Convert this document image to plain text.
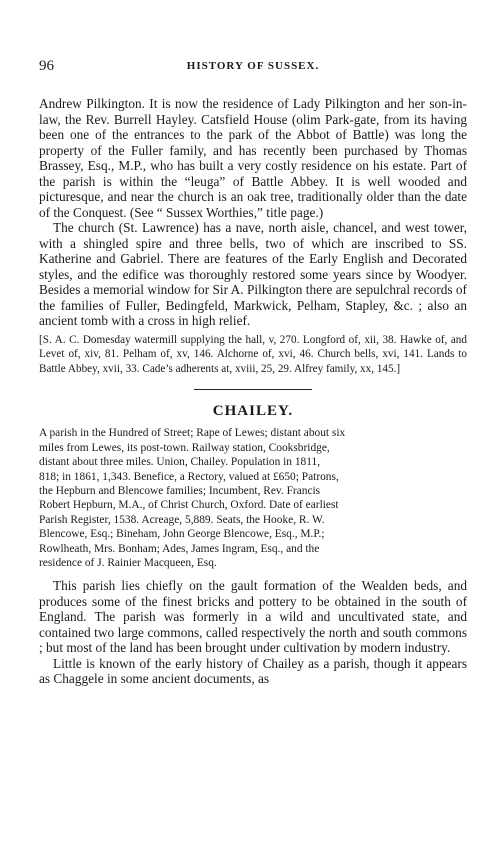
96	HISTORY OF SUSSEX.

Andrew Pilkington. It is now the residence of Lady Pilkington and her son-in-law, the Rev. Burrell Hayley. Catsfield House (olim Park-gate, from its having been one of the entrances to the park of the Abbot of Battle) was long the property of the Fuller family, and has recently been purchased by Thomas Brassey, Esq., M.P., who has built a very costly residence on his estate. Part of the parish is within the “leuga” of Battle Abbey. It is well wooded and picturesque, and near the church is an oak tree, traditionally older than the date of the Conquest. (See “ Sussex Worthies,” title page.)

The church (St. Lawrence) has a nave, north aisle, chancel, and west tower, with a shingled spire and three bells, two of which are inscribed to SS. Katherine and Gabriel. There are features of the Early English and Decorated styles, and the edifice was thoroughly restored some years since by Woodyer. Besides a memorial window for Sir A. Pilkington there are sepulchral records of the families of Fuller, Bedingfeld, Markwick, Pelham, Stapley, &c. ; also an ancient tomb with a cross in high relief.

[S. A. C. Domesday watermill supplying the hall, v, 270. Longford of, xii, 38. Hawke of, and Levet of, xiv, 81. Pelham of, xv, 146. Alchorne of, xvi, 46. Church bells, xvi, 141. Lands to Battle Abbey, xvii, 33. Cade’s adherents at, xviii, 25, 29. Alfrey family, xx, 145.]

CHAILEY.
A parish in the Hundred of Street; Rape of Lewes; distant about six
miles from Lewes, its post-town. Railway station, Cooksbridge,
distant about three miles. Union, Chailey. Population in 1811,
818; in 1861, 1,343. Benefice, a Rectory, valued at £650; Patrons,
the Hepburn and Blencowe families; Incumbent, Rev. Francis
Robert Hepburn, M.A., of Christ Church, Oxford. Date of earliest
Parish Register, 1538. Acreage, 5,889. Seats, the Hooke, R. W.
Blencowe, Esq.; Bineham, John George Blencowe, Esq., M.P.;
Rowlheath, Mrs. Bonham; Ades, James Ingram, Esq., and the
residence of J. Rainier Macqueen, Esq.

This parish lies chiefly on the gault formation of the Wealden beds, and produces some of the finest bricks and pottery to be obtained in the south of England. The parish was formerly in a wild and uncultivated state, and contained two large commons, called respectively the north and south commons ; but most of the land has been brought under cultivation by modern industry.

Little is known of the early history of Chailey as a parish, though it appears as Chaggele in some ancient documents, as
